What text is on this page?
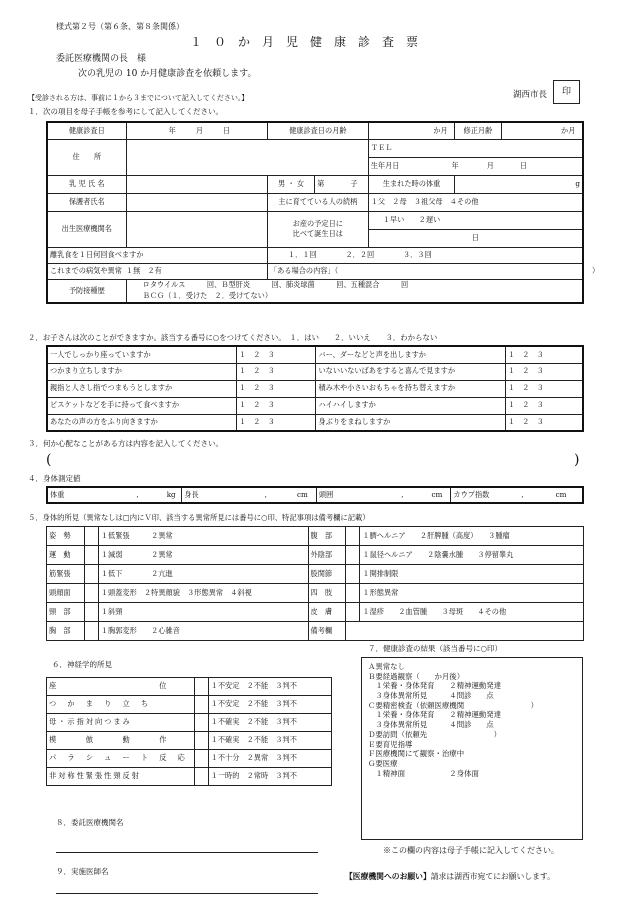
様式第２号（第６条、第８条関係）
１　０　か　月　児　健　康　診　査　票
委託医療機関の長　様
次の乳児の 10 か月健康診査を依頼します。
湖西市長	印
【受診される方は、事前に１から３までについて記入してください。】
１．次の項目を母子手帳を参考にして記入してください。
健康診査日	年 月 日	健康診査日の月齢		か月	修正月齢	か月
住　　所				ＴＥＬ		
				生年月日 年 月 日		
乳 児 氏 名		男 ・ 女	第 子	生まれた時の体重	g	
保護者氏名		主に育てている人の続柄		１父　２母　３祖父母　４その他		
出生医療機関名		お産の予定日に
比べて誕生日は		１早い　　２遅い		
				日		
離乳食を１日何回食べますか		１．１回　　　　２．２回　　　　３．３回				
これまでの病気や異常 １無　２有		「ある場合の内容」（ ）				

予防接種歴	ロタウイルス　　　回、Ｂ型肝炎　　　回、肺炎球菌　　　回、五種混合　　　回
ＢＣＧ（１．受けた　２．受けてない）					
２．お子さんは次のことができますか。該当する番号に○をつけてください。　１．はい　　２．いいえ　　３．わからない
一人でしっかり座っていますか	１　２　３	バー、ダーなどと声を出しますか	１　２　３
つかまり立ちしますか	１　２　３	いないいないばあをすると喜んで見ますか	１　２　３
親指と人さし指でつまもうとしますか	１　２　３	積み木や小さいおもちゃを持ち替えますか	１　２　３
ビスケットなどを手に持って食べますか	１　２　３	ハイハイしますか	１　２　３
あなたの声の方をふり向きますか	１　２　３	身ぶりをまねしますか	１　２　３
３．何か心配なことがある方は内容を記入してください。
(	)
４．身体測定値
体重	,	kg	身長	,	cm	頭囲	,	cm	カウプ指数	,	cm
５．身体的所見（異常なしは□内にＶ印、該当する異常所見には番号に○印、特記事項は備考欄に記載）
姿　勢		１低緊張　　　２異常	腹　部		１臍ヘルニア　　２肝脾腫（高度）　　３腫瘤
運　動		１減弱　　　　２異常	外陰部		１鼠径ヘルニア　　２陰嚢水腫　　３停留睾丸
筋緊張		１低下　　　　２亢進	股関節		１開排制限
頭顔面		１頭蓋変形　２特異顔貌　３形態異常　４斜視	四　肢		１形態異常
頸　部		１斜頸	皮　膚		１湿疹　　２血管腫　　３母斑　　４その他
胸　部		１胸郭変形　　２心雑音	備考欄		
７．健康診査の結果（該当番号に○印）
Ａ異常なし
Ｂ要経過観察（　　か月後）
　１栄養・身体発育　　２精神運動発達
　３身体異常所見　　　４問診　　点
Ｃ要精密検査（依頼医療機関　　　　　　　　　）
　１栄養・身体発育　　２精神運動発達
　３身体異常所見　　　４問診　　点
Ｄ要訪問（依頼先　　　　　　　　　）
Ｅ要育児指導
Ｆ医療機関にて観察・治療中
Ｇ要医療
　１精神面　　　　　　２身体面
６．神経学的所見
座　　　　　　　　　　　位		１不安定　２不能　３判不
つ　か　ま　り　立　ち		１不安定　２不能　３判不
母・示指対向つまみ		１不確実　２不能　３判不
模　　　倣　　　動　　　作		１不確実　２不能　３判不
パ　ラ　シ　ュ　ー　ト　反　応		１不十分　２異常　３判不
非対称性緊張性頸反射		１一時的　２常時　３判不
８．委託医療機関名
９．実施医師名
※この欄の内容は母子手帳に記入してください。
【医療機関へのお願い】請求は湖西市宛てにお願いします。
